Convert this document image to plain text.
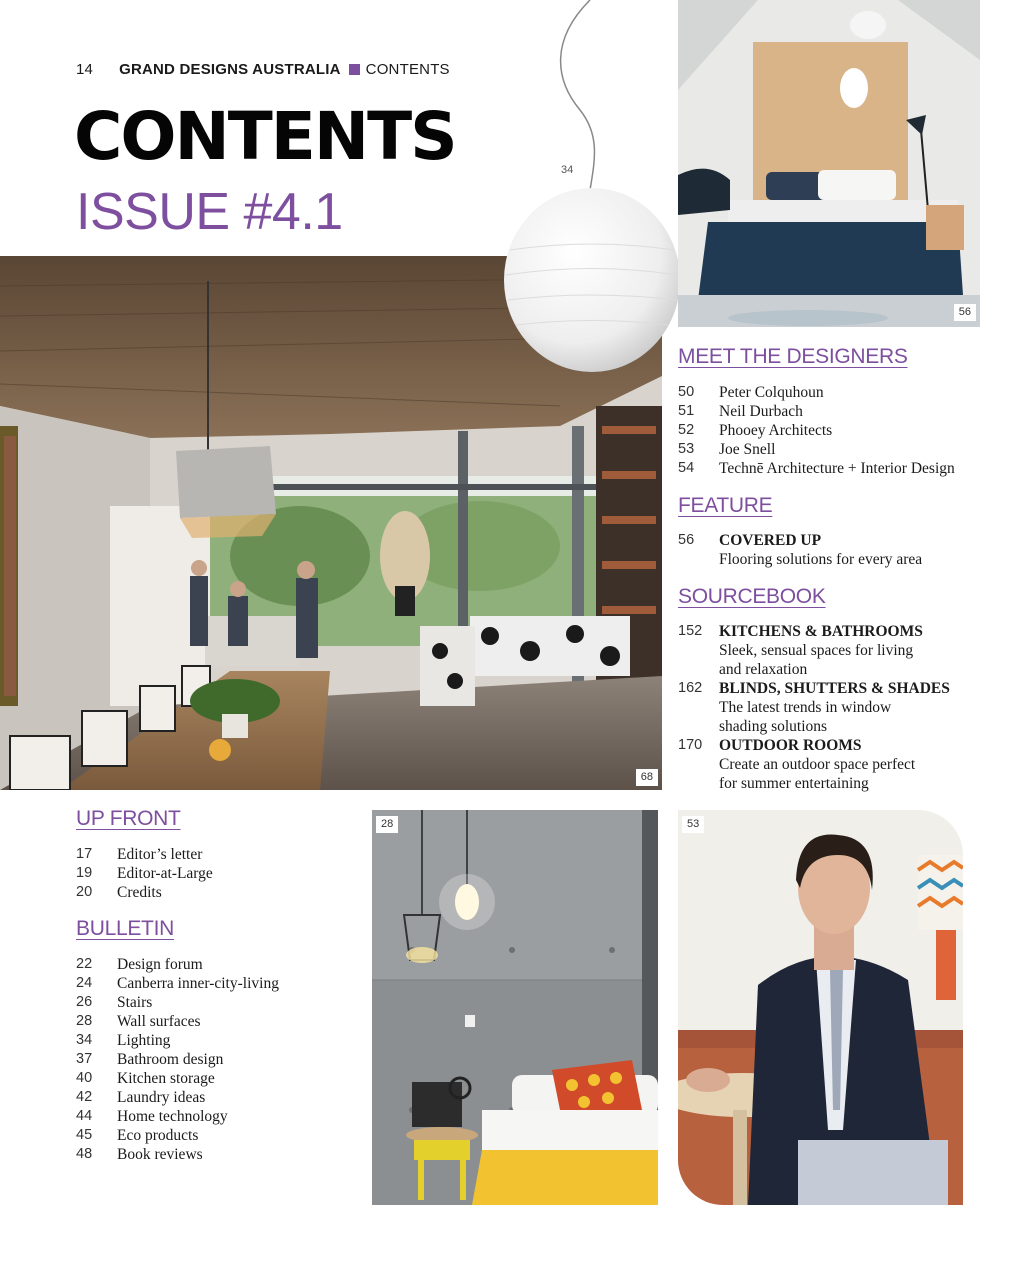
14 GRAND DESIGNS AUSTRALIA CONTENTS
CONTENTS
ISSUE #4.1
68
34
56
MEET THE DESIGNERS
50	Peter Colquhoun
51	Neil Durbach
52	Phooey Architects
53	Joe Snell
54	Technē Architecture + Interior Design
FEATURE
56	COVERED UP
Flooring solutions for every area
SOURCEBOOK
152	KITCHENS & BATHROOMS
Sleek, sensual spaces for living
and relaxation
162	BLINDS, SHUTTERS & SHADES
The latest trends in window
shading solutions
170	OUTDOOR ROOMS
Create an outdoor space perfect
for summer entertaining
UP FRONT
17	Editor’s letter
19	Editor-at-Large
20	Credits
BULLETIN
22	Design forum
24	Canberra inner-city-living
26	Stairs
28	Wall surfaces
34	Lighting
37	Bathroom design
40	Kitchen storage
42	Laundry ideas
44	Home technology
45	Eco products
48	Book reviews
28	53
